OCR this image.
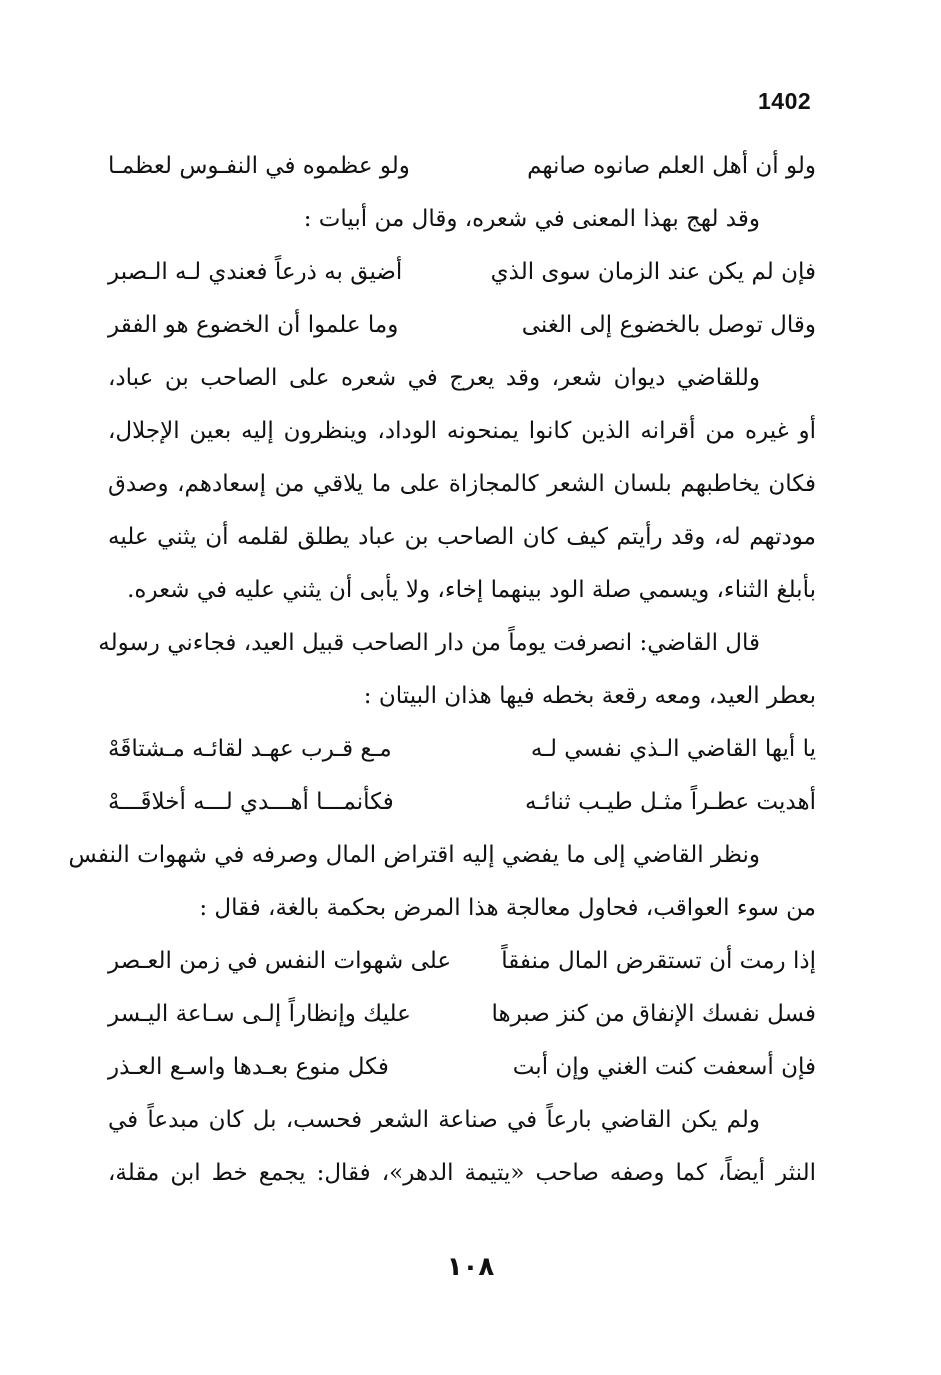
1402
ولو أن أهل العلم صانوه صانهم
ولو عظموه في النفـوس لعظمـا

وقد لهج بهذا المعنى في شعره، وقال من أبيات :

فإن لم يكن عند الزمان سوى الذي
أضيق به ذرعاً فعندي لـه الـصبر
وقال توصل بالخضوع إلى الغنى
وما علموا أن الخضوع هو الفقر

وللقاضي ديوان شعر، وقد يعرج في شعره على الصاحب بن عباد،
أو غيره من أقرانه الذين كانوا يمنحونه الوداد، وينظرون إليه بعين الإجلال،
فكان يخاطبهم بلسان الشعر كالمجازاة على ما يلاقي من إسعادهم، وصدق
مودتهم له، وقد رأيتم كيف كان الصاحب بن عباد يطلق لقلمه أن يثني عليه
بأبلغ الثناء، ويسمي صلة الود بينهما إخاء، ولا يأبى أن يثني عليه في شعره.

قال القاضي: انصرفت يوماً من دار الصاحب قبيل العيد، فجاءني رسوله
بعطر العيد، ومعه رقعة بخطه فيها هذان البيتان :

يا أيها القاضي الـذي نفسي لـه
مـع قـرب عهـد لقائـه مـشتاقَهْ
أهديت عطـراً مثـل طيـب ثنائـه
فكأنمـــا أهـــدي لـــه أخلاقَـــهْ

ونظر القاضي إلى ما يفضي إليه اقتراض المال وصرفه في شهوات النفس
من سوء العواقب، فحاول معالجة هذا المرض بحكمة بالغة، فقال :

إذا رمت أن تستقرض المال منفقاً
على شهوات النفس في زمن العـصر
فسل نفسك الإنفاق من كنز صبرها
عليك وإنظاراً إلـى سـاعة اليـسر
فإن أسعفت كنت الغني وإن أبت
فكل منوع بعـدها واسـع العـذر

ولم يكن القاضي بارعاً في صناعة الشعر فحسب، بل كان مبدعاً في
النثر أيضاً، كما وصفه صاحب «يتيمة الدهر»، فقال: يجمع خط ابن مقلة،

١٠٨
